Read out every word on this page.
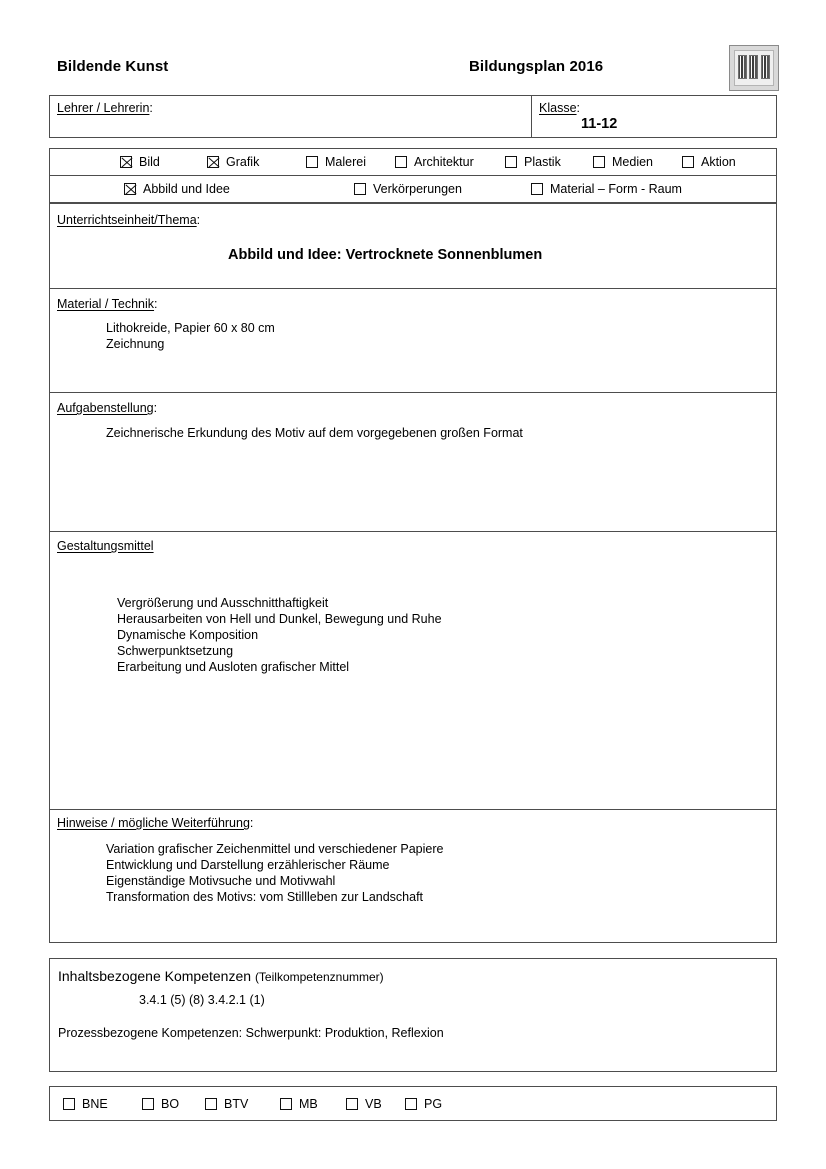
Bildende Kunst	Bildungsplan 2016
Lehrer / Lehrerin:	Klasse:
11-12
Bild	Grafik	Malerei	Architektur	Plastik	Medien	Aktion
Abbild und Idee	Verkörperungen	Material – Form - Raum
Unterrichtseinheit/Thema:
Abbild und Idee: Vertrocknete Sonnenblumen
Material / Technik:
Lithokreide, Papier 60 x 80 cm
Zeichnung
Aufgabenstellung:
Zeichnerische Erkundung des Motiv auf dem vorgegebenen großen Format
Gestaltungsmittel
Vergrößerung und Ausschnitthaftigkeit
Herausarbeiten von Hell und Dunkel, Bewegung und Ruhe
Dynamische Komposition
Schwerpunktsetzung
Erarbeitung und Ausloten grafischer Mittel
Hinweise / mögliche Weiterführung:
Variation grafischer Zeichenmittel und verschiedener Papiere
Entwicklung und Darstellung erzählerischer Räume
Eigenständige Motivsuche und Motivwahl
Transformation des Motivs: vom Stillleben zur Landschaft
Inhaltsbezogene Kompetenzen (Teilkompetenznummer)
3.4.1 (5) (8) 3.4.2.1 (1)
Prozessbezogene Kompetenzen: Schwerpunkt: Produktion, Reflexion
BNE	BO	BTV	MB	VB	PG
